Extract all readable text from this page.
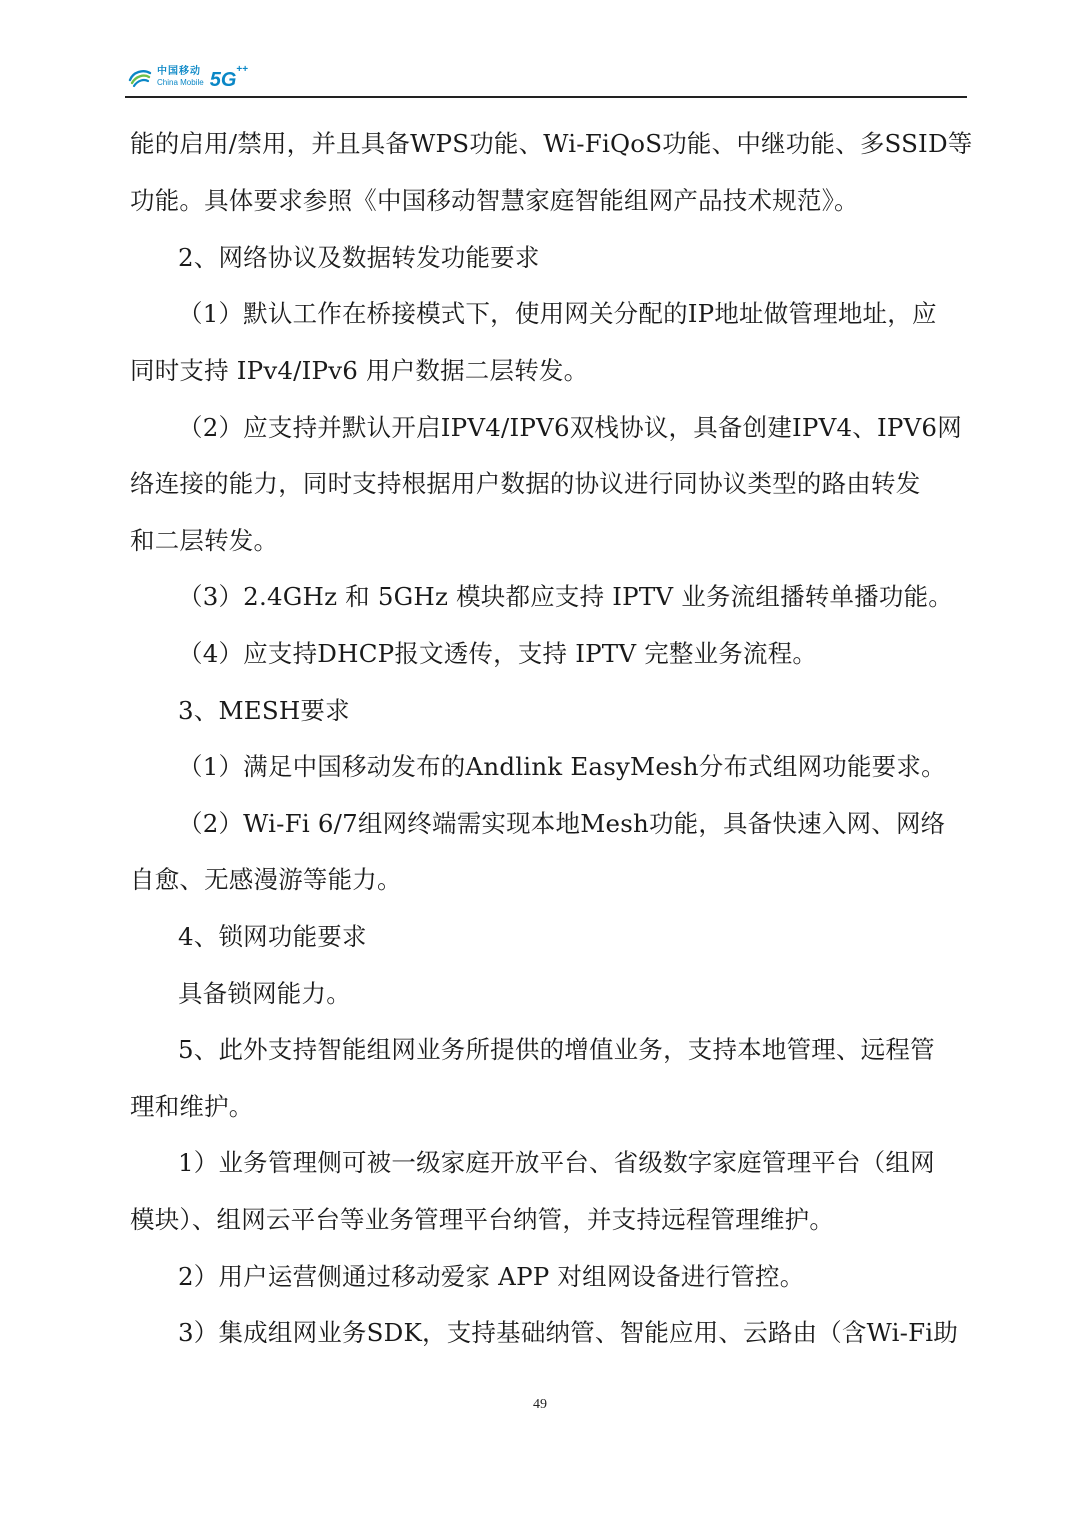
中国移动
China Mobile 5G ++
能的启用/禁用，并且具备WPS功能、Wi-FiQoS功能、中继功能、多SSID等
功能。具体要求参照《中国移动智慧家庭智能组网产品技术规范》。
2、网络协议及数据转发功能要求
（1）默认工作在桥接模式下，使用网关分配的IP地址做管理地址，应
同时支持 IPv4/IPv6 用户数据二层转发。
（2）应支持并默认开启IPV4/IPV6双栈协议，具备创建IPV4、IPV6网
络连接的能力，同时支持根据用户数据的协议进行同协议类型的路由转发
和二层转发。
（3）2.4GHz 和 5GHz 模块都应支持 IPTV 业务流组播转单播功能。
（4）应支持DHCP报文透传，支持 IPTV 完整业务流程。
3、MESH要求
（1）满足中国移动发布的Andlink EasyMesh分布式组网功能要求。
（2）Wi-Fi 6/7组网终端需实现本地Mesh功能，具备快速入网、网络
自愈、无感漫游等能力。
4、锁网功能要求
具备锁网能力。
5、此外支持智能组网业务所提供的增值业务，支持本地管理、远程管
理和维护。
1）业务管理侧可被一级家庭开放平台、省级数字家庭管理平台（组网
模块）、组网云平台等业务管理平台纳管，并支持远程管理维护。
2）用户运营侧通过移动爱家 APP 对组网设备进行管控。
3）集成组网业务SDK，支持基础纳管、智能应用、云路由（含Wi-Fi助
49
